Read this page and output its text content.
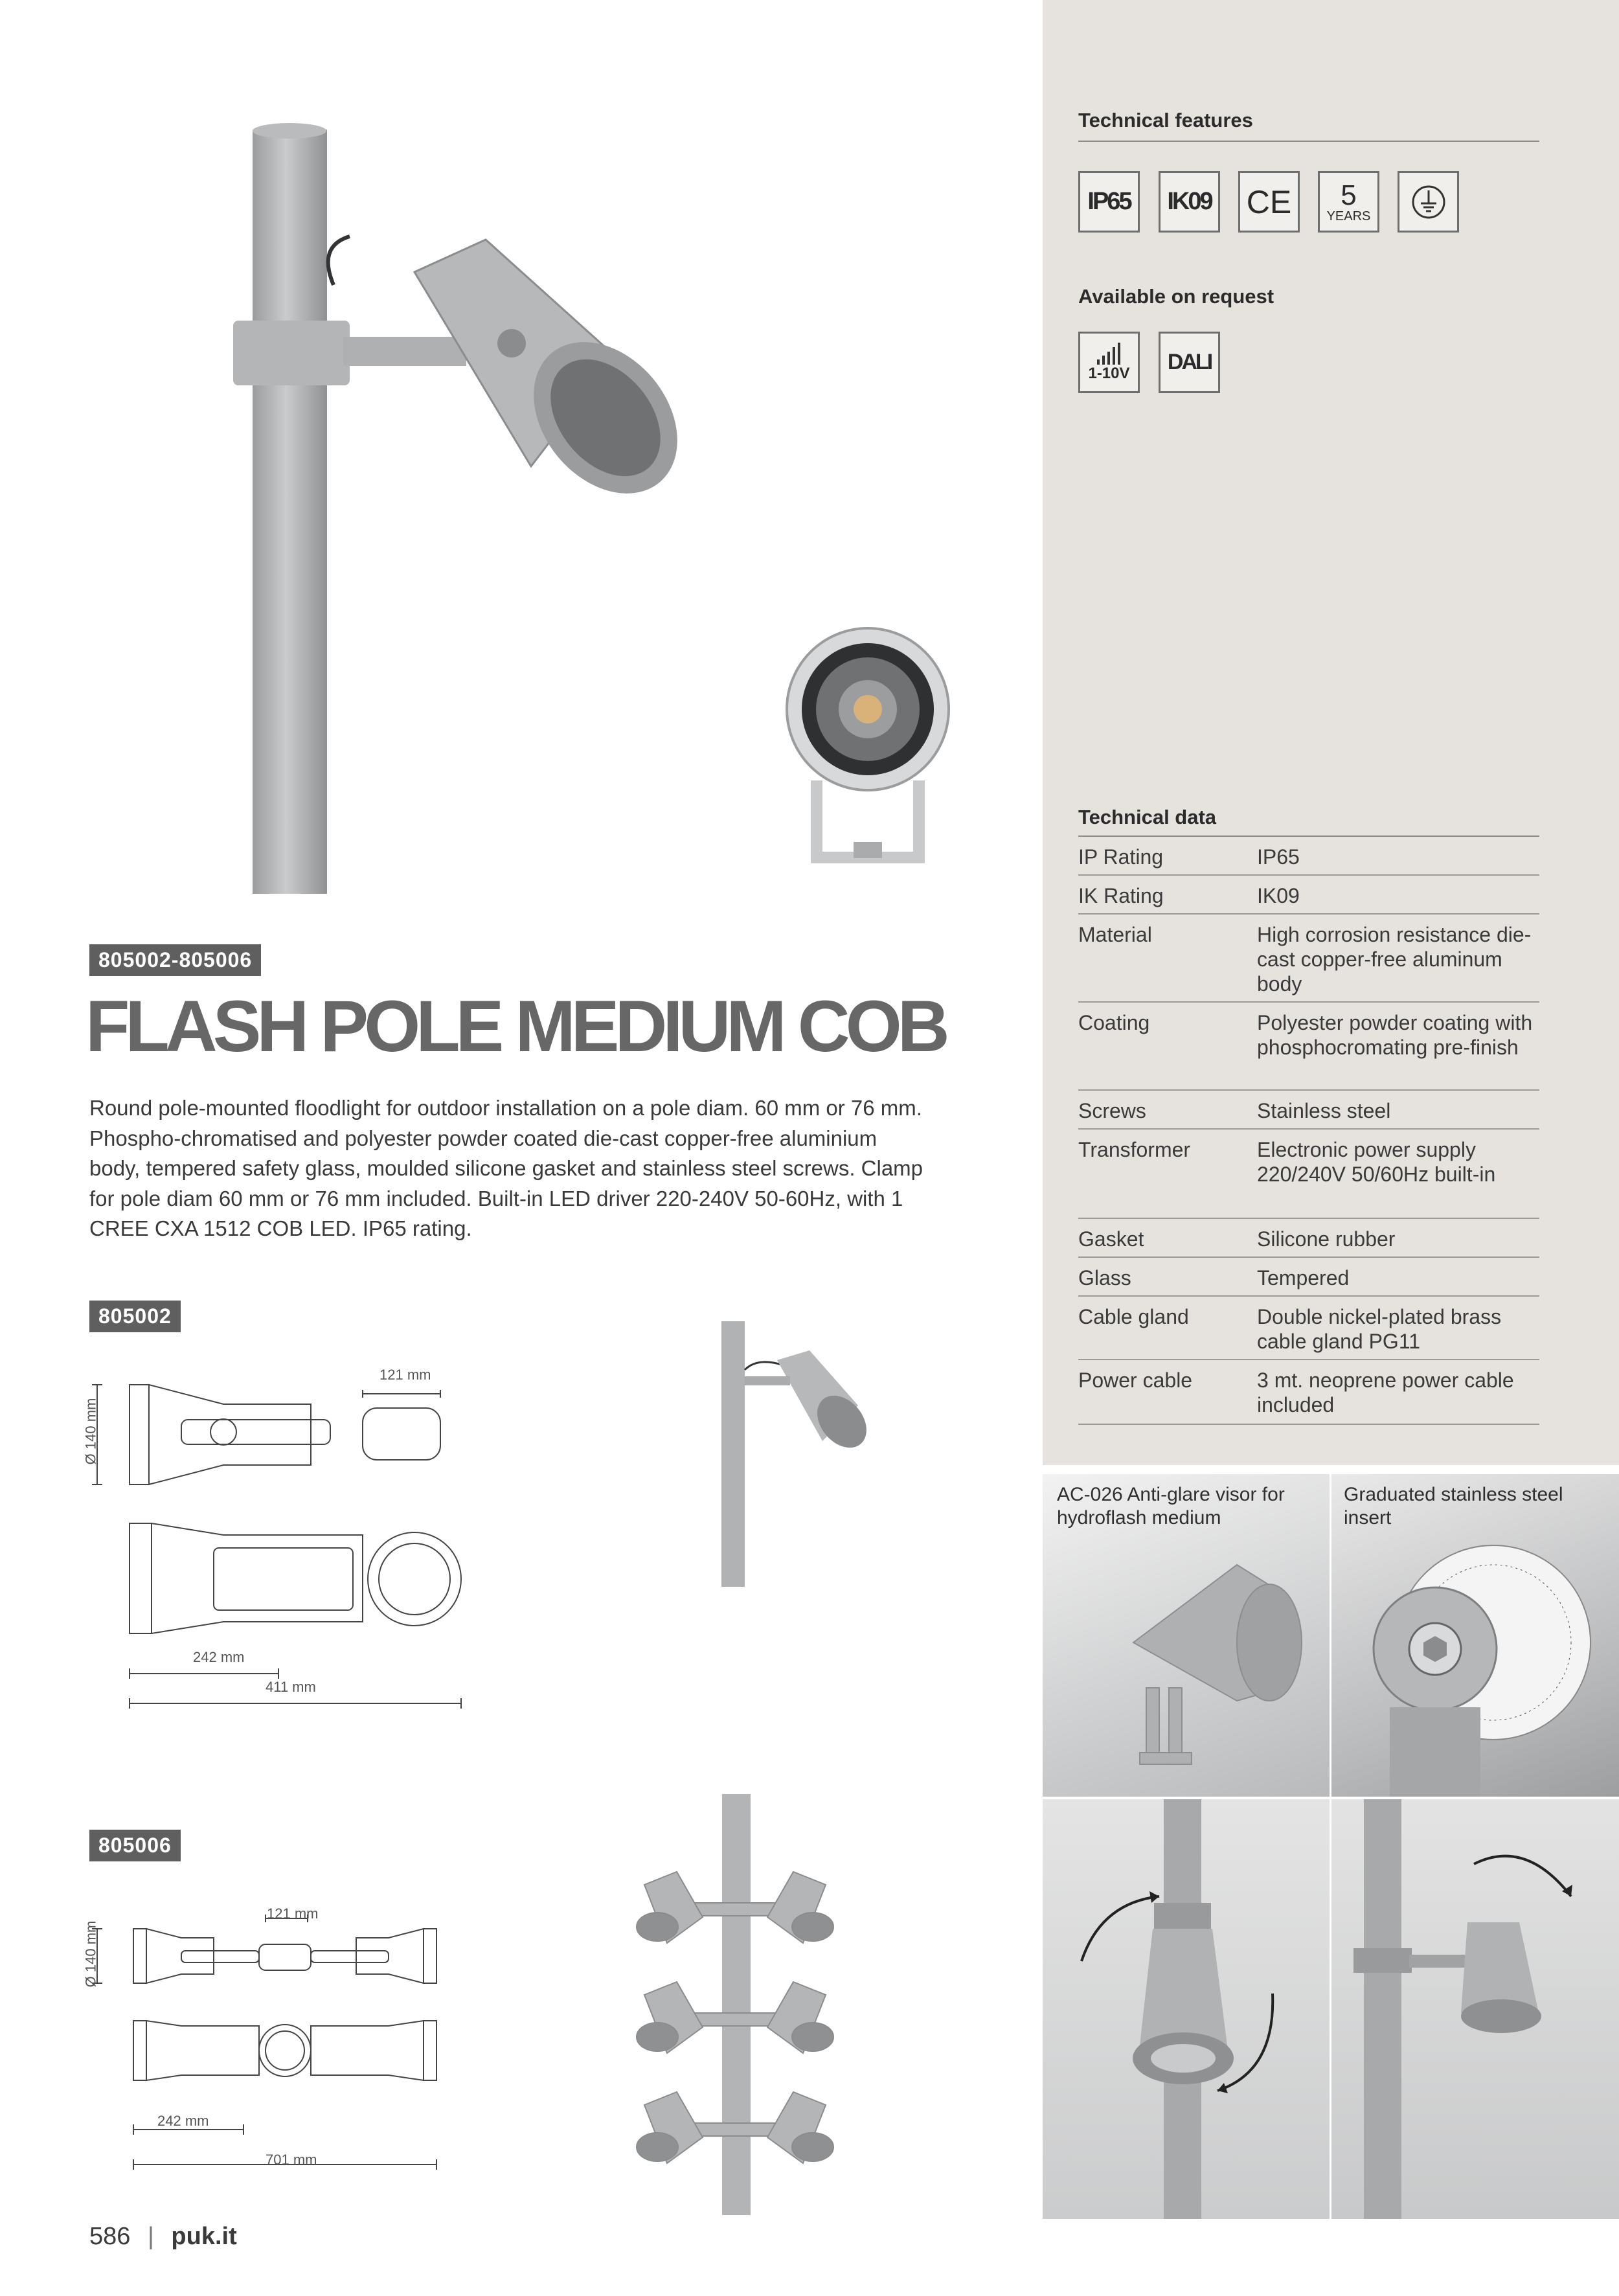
Technical features
IP65 IK09 CE 5
YEARS
Available on request
1-10V DALI
Technical data
IP Rating	IP65
IK Rating	IK09
Material	High corrosion resistance die-cast copper-free aluminum body
Coating	Polyester powder coating with phosphocromating pre-finish
Screws	Stainless steel
Transformer	Electronic power supply 220/240V 50/60Hz built-in
Gasket	Silicone rubber
Glass	Tempered
Cable gland	Double nickel-plated brass cable gland PG11
Power cable	3 mt. neoprene power cable included
AC-026 Anti-glare visor for hydroflash medium
Graduated stainless steel insert
805002-805006
FLASH POLE MEDIUM COB
Round pole-mounted floodlight for outdoor installation on a pole diam. 60 mm or 76 mm. Phospho-chromatised and polyester powder coated die-cast copper-free aluminium body, tempered safety glass, moulded silicone gasket and stainless steel screws. Clamp for pole diam 60 mm or 76 mm included. Built-in LED driver 220-240V 50-60Hz, with 1 CREE CXA 1512 COB LED. IP65 rating.
805002
Ø 140 mm
121 mm
242 mm
411 mm
805006
Ø 140 mm
121 mm
242 mm
701 mm
586 | puk.it
